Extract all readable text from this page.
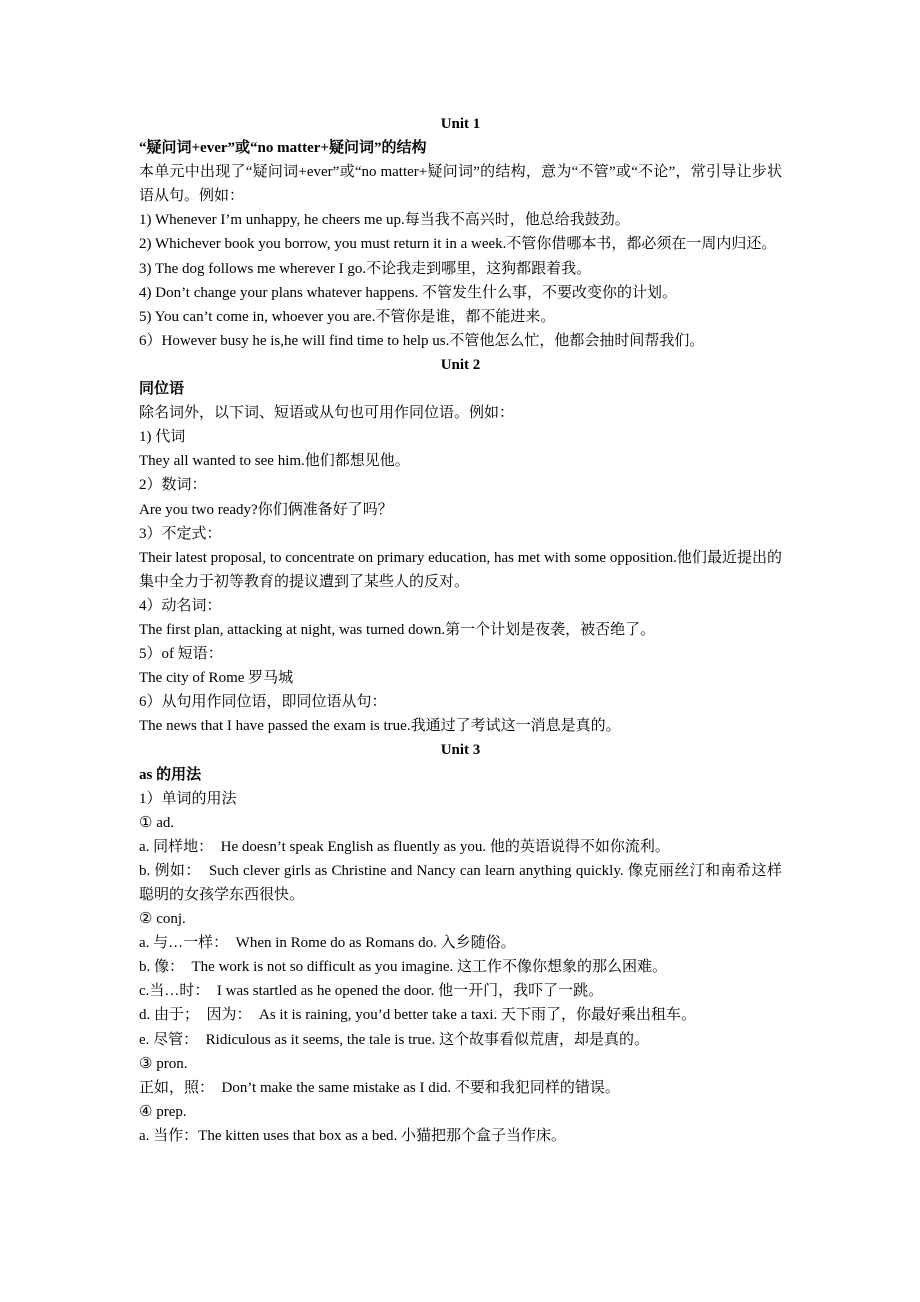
Unit 1
“疑问词+ever”或“no matter+疑问词”的结构
本单元中出现了“疑问词+ever”或“no matter+疑问词”的结构，意为“不管”或“不论”，常引导让步状语从句。例如：
1) Whenever I’m unhappy, he cheers me up.每当我不高兴时，他总给我鼓劲。
2) Whichever book you borrow, you must return it in a week.不管你借哪本书，都必须在一周内归还。
3) The dog follows me wherever I go.不论我走到哪里，这狗都跟着我。
4) Don’t change your plans whatever happens. 不管发生什么事，不要改变你的计划。
5) You can’t come in, whoever you are.不管你是谁，都不能进来。
6）However busy he is,he will find time to help us.不管他怎么忙，他都会抽时间帮我们。
Unit 2
同位语
除名词外，以下词、短语或从句也可用作同位语。例如：
1) 代词
They all wanted to see him.他们都想见他。
2）数词：
Are you two ready?你们俩准备好了吗？
3）不定式：
Their latest proposal, to concentrate on primary education, has met with some opposition.他们最近提出的集中全力于初等教育的提议遭到了某些人的反对。
4）动名词：
The first plan, attacking at night, was turned down.第一个计划是夜袭，被否绝了。
5）of 短语：
The city of Rome 罗马城
6）从句用作同位语，即同位语从句：
The news that I have passed the exam is true.我通过了考试这一消息是真的。
Unit 3
as 的用法
1）单词的用法
① ad.
a. 同样地：　He doesn’t speak English as fluently as you. 他的英语说得不如你流利。
b. 例如：　Such clever girls as Christine and Nancy can learn anything quickly. 像克丽丝汀和南希这样聪明的女孩学东西很快。
② conj.
a. 与…一样：　When in Rome do as Romans do. 入乡随俗。
b. 像：　The work is not so difficult as you imagine. 这工作不像你想象的那么困难。
c.当…时：　I was startled as he opened the door. 他一开门，我吓了一跳。
d. 由于；　因为：　As it is raining, you’d better take a taxi. 天下雨了，你最好乘出租车。
e. 尽管：　Ridiculous as it seems, the tale is true. 这个故事看似荒唐，却是真的。
③ pron.
正如，照：　Don’t make the same mistake as I did. 不要和我犯同样的错误。
④ prep.
a. 当作：The kitten uses that box as a bed. 小猫把那个盒子当作床。
